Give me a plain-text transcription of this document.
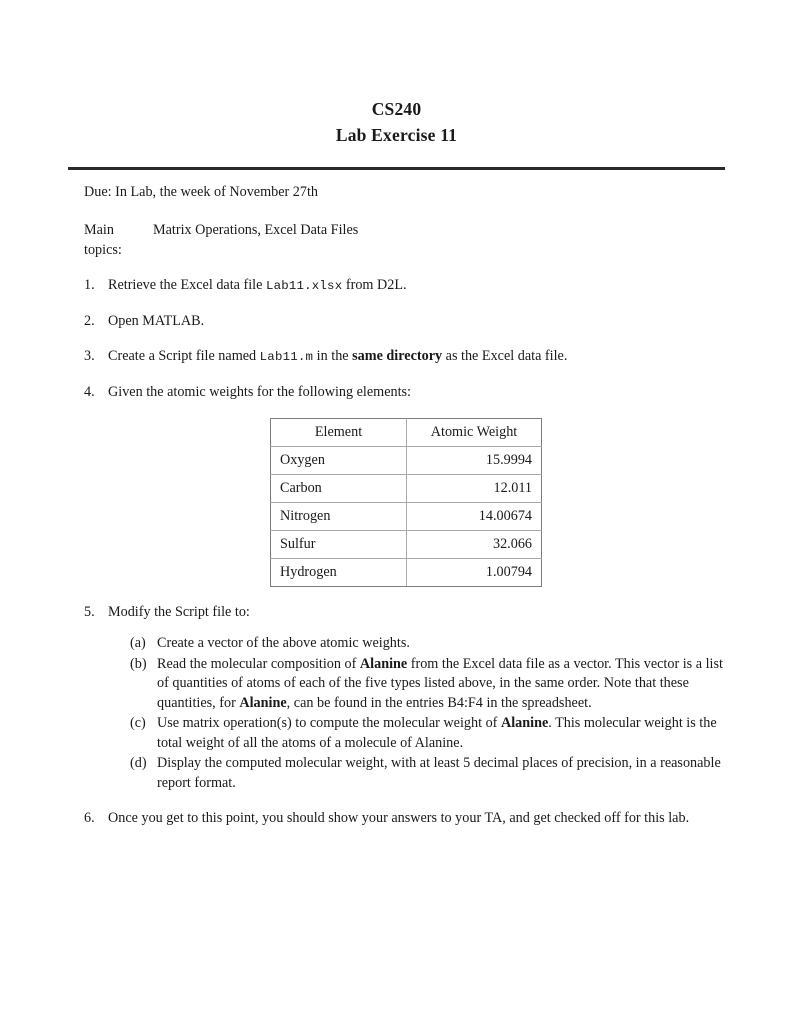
CS240
Lab Exercise 11
Due: In Lab, the week of November 27th
Main topics:
Matrix Operations, Excel Data Files
1. Retrieve the Excel data file Lab11.xlsx from D2L.
2. Open MATLAB.
3. Create a Script file named Lab11.m in the same directory as the Excel data file.
4. Given the atomic weights for the following elements:
Element	Atomic Weight
Oxygen	15.9994
Carbon	12.011
Nitrogen	14.00674
Sulfur	32.066
Hydrogen	1.00794
5. Modify the Script file to:
(a) Create a vector of the above atomic weights.
(b) Read the molecular composition of Alanine from the Excel data file as a vector. This vector is a list of quantities of atoms of each of the five types listed above, in the same order. Note that these quantities, for Alanine, can be found in the entries B4:F4 in the spreadsheet.
(c) Use matrix operation(s) to compute the molecular weight of Alanine. This molecular weight is the total weight of all the atoms of a molecule of Alanine.
(d) Display the computed molecular weight, with at least 5 decimal places of precision, in a reasonable report format.
6. Once you get to this point, you should show your answers to your TA, and get checked off for this lab.
